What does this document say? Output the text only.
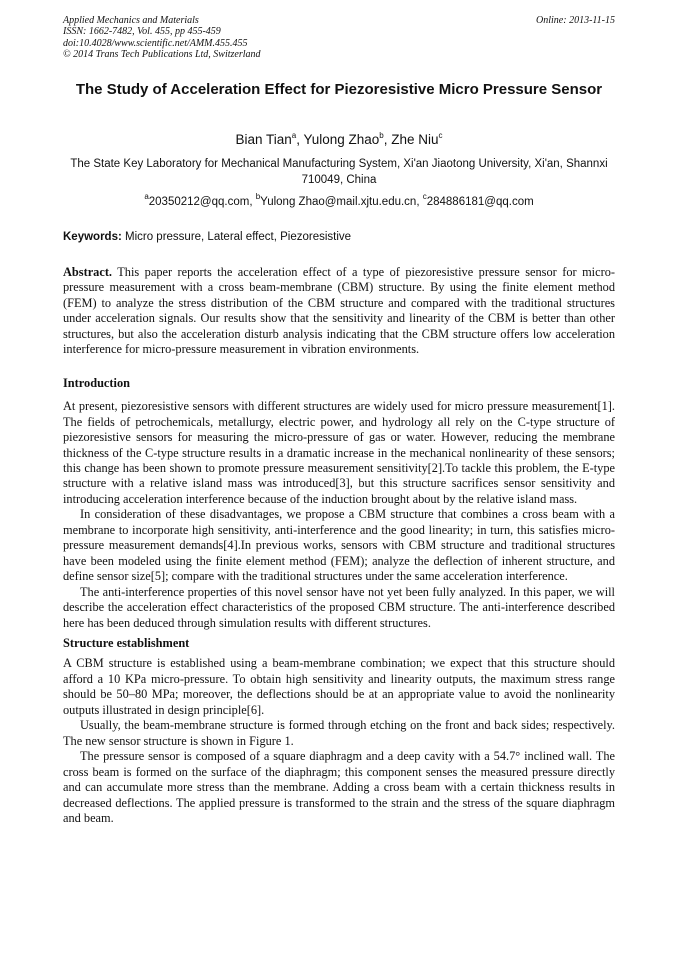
Applied Mechanics and Materials
ISSN: 1662-7482, Vol. 455, pp 455-459
doi:10.4028/www.scientific.net/AMM.455.455
© 2014 Trans Tech Publications Ltd, Switzerland
Online: 2013-11-15
The Study of Acceleration Effect for Piezoresistive Micro Pressure Sensor
Bian Tian$^a$, Yulong Zhao$^b$, Zhe Niu$^c$
The State Key Laboratory for Mechanical Manufacturing System, Xi'an Jiaotong University, Xi'an, Shannxi 710049, China
$^a$20350212@qq.com, $^b$Yulong Zhao@mail.xjtu.edu.cn, $^c$284886181@qq.com
Keywords: Micro pressure, Lateral effect, Piezoresistive

Abstract. This paper reports the acceleration effect of a type of piezoresistive pressure sensor for micro-pressure measurement with a cross beam-membrane (CBM) structure. By using the finite element method (FEM) to analyze the stress distribution of the CBM structure and compared with the traditional structures under acceleration signals. Our results show that the sensitivity and linearity of the CBM is better than other structures, but also the acceleration disturb analysis indicating that the CBM structure offers low acceleration interference for micro-pressure measurement in vibration environments.

Introduction

At present, piezoresistive sensors with different structures are widely used for micro pressure measurement[1]. The fields of petrochemicals, metallurgy, electric power, and hydrology all rely on the C-type structure of piezoresistive sensors for measuring the micro-pressure of gas or water. However, reducing the membrane thickness of the C-type structure results in a dramatic increase in the mechanical nonlinearity of these sensors; this change has been shown to promote pressure measurement sensitivity[2].To tackle this problem, the E-type structure with a relative island mass was introduced[3], but this structure sacrifices sensor sensitivity and introducing acceleration interference because of the induction brought about by the relative island mass.

In consideration of these disadvantages, we propose a CBM structure that combines a cross beam with a membrane to incorporate high sensitivity, anti-interference and the good linearity; in turn, this satisfies micro-pressure measurement demands[4].In previous works, sensors with CBM structure and traditional structures have been modeled using the finite element method (FEM); analyze the deflection of inherent structure, and define sensor size[5]; compare with the traditional structures under the same acceleration interference.

The anti-interference properties of this novel sensor have not yet been fully analyzed. In this paper, we will describe the acceleration effect characteristics of the proposed CBM structure. The anti-interference described here has been deduced through simulation results with different structures.

Structure establishment

A CBM structure is established using a beam-membrane combination; we expect that this structure should afford a 10 KPa micro-pressure. To obtain high sensitivity and linearity outputs, the maximum stress range should be 50–80 MPa; moreover, the deflections should be at an appropriate value to avoid the nonlinearity outputs illustrated in design principle[6].

Usually, the beam-membrane structure is formed through etching on the front and back sides; respectively. The new sensor structure is shown in Figure 1.

The pressure sensor is composed of a square diaphragm and a deep cavity with a 54.7° inclined wall. The cross beam is formed on the surface of the diaphragm; this component senses the measured pressure directly and can accumulate more stress than the membrane. Adding a cross beam with a certain thickness results in decreased deflections. The applied pressure is transformed to the strain and the stress of the square diaphragm and beam.
